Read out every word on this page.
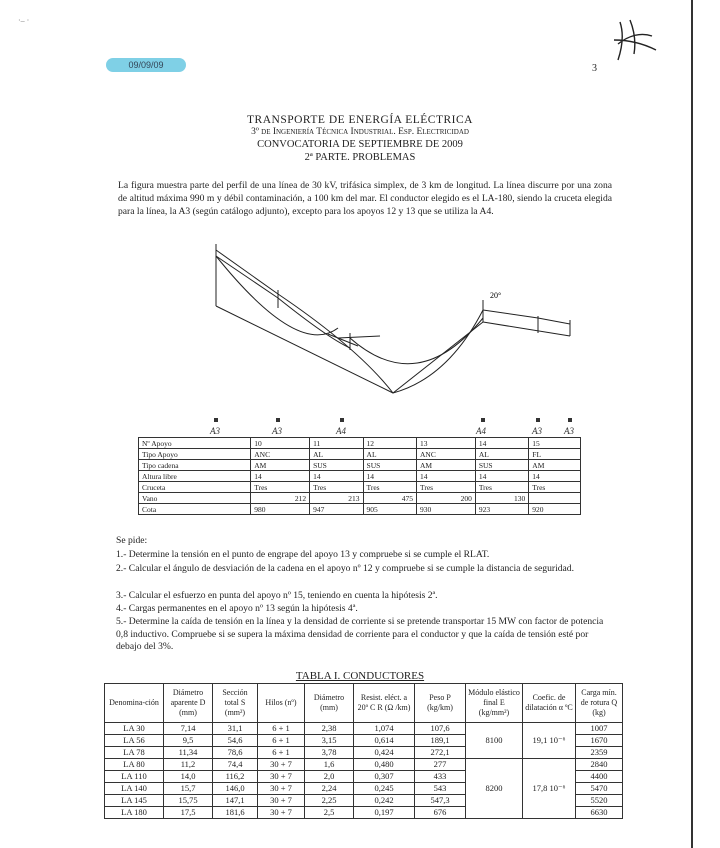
09/09/09	3
·‒ ·
TRANSPORTE DE ENERGÍA ELÉCTRICA
3º de Ingeniería Técnica Industrial. Esp. Electricidad
CONVOCATORIA DE SEPTIEMBRE DE 2009
2ª PARTE. PROBLEMAS
La figura muestra parte del perfil de una línea de 30 kV, trifásica simplex, de 3 km de longitud. La línea discurre por una zona de altitud máxima 990 m y débil contaminación, a 100 km del mar. El conductor elegido es el LA-180, siendo la cruceta elegida para la línea, la A3 (según catálogo adjunto), excepto para los apoyos 12 y 13 que se utiliza la A4.
20°
A3	A3	A4	A4	A3 A3
Nº Apoyo	10	11	12	13	14	15
Tipo Apoyo	ANC	AL	AL	ANC	AL	FL
Tipo cadena	AM	SUS	SUS	AM	SUS	AM
Altura libre	14	14	14	14	14	14
Cruceta	Tres	Tres	Tres	Tres	Tres	Tres
Vano	212	213	475	200	130	
Cota	980	947	905	930	923	920
Se pide:
1.- Determine la tensión en el punto de engrape del apoyo 13 y compruebe si se cumple el RLAT.
2.- Calcular el ángulo de desviación de la cadena en el apoyo nº 12 y compruebe si se cumple la distancia de seguridad.
3.- Calcular el esfuerzo en punta del apoyo nº 15, teniendo en cuenta la hipótesis 2ª.
4.- Cargas permanentes en el apoyo nº 13 según la hipótesis 4ª.
5.- Determine la caída de tensión en la línea y la densidad de corriente si se pretende transportar 15 MW con factor de potencia 0,8 inductivo. Compruebe si se supera la máxima densidad de corriente para el conductor y que la caída de tensión esté por debajo del 3%.
TABLA I. CONDUCTORES
Denomina-ción	Diámetro aparente D (mm)	Sección total S (mm²)	Hilos (nº)	Diámetro (mm)	Resist. eléct. a 20º C R (Ω /km)	Peso P (kg/km)	Módulo elástico final E (kg/mm²)	Coefic. de dilatación α ºC	Carga mín. de rotura Q (kg)
LA 30	7,14	31,1	6 + 1	2,38	1,074	107,6	8100	19,1 10⁻⁶	1007
LA 56	9,5	54,6	6 + 1	3,15	0,614	189,1			1670
LA 78	11,34	78,6	6 + 1	3,78	0,424	272,1			2359
LA 80	11,2	74,4	30 + 7	1,6	0,480	277	8200	17,8 10⁻⁶	2840
LA 110	14,0	116,2	30 + 7	2,0	0,307	433			4400
LA 140	15,7	146,0	30 + 7	2,24	0,245	543			5470
LA 145	15,75	147,1	30 + 7	2,25	0,242	547,3			5520
LA 180	17,5	181,6	30 + 7	2,5	0,197	676			6630
